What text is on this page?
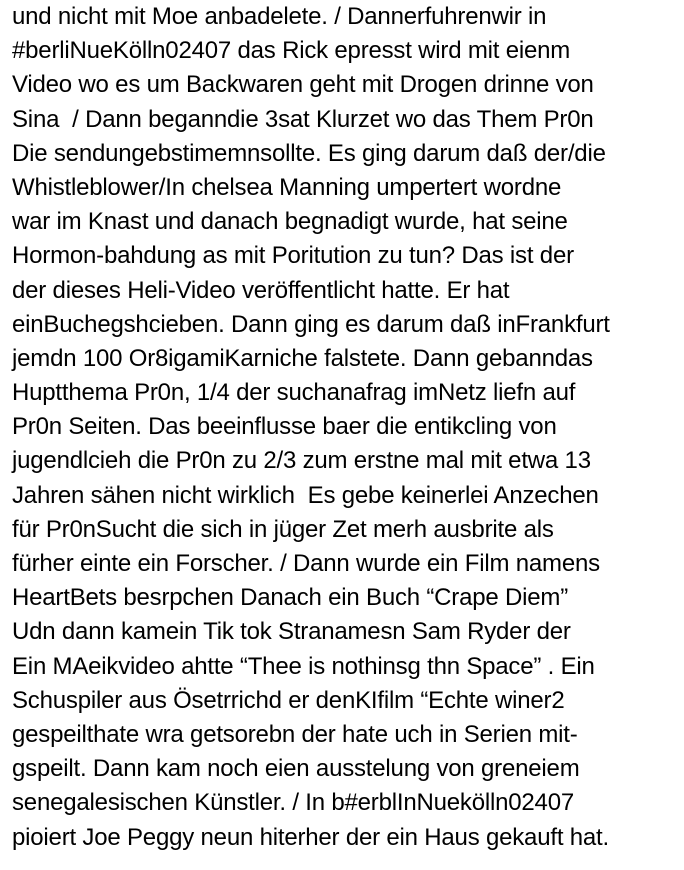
und nicht mit Moe anbadelete. / Dannerfuhrenwir in
#berliNueKölln02407 das Rick epresst wird mit eienm
Video wo es um Backwaren geht mit Drogen drinne von
Sina  / Dann beganndie 3sat Klurzet wo das Them Pr0n
Die sendungebstimemnsollte. Es ging darum daß der/die
Whistleblower/In chelsea Manning umpertert wordne
war im Knast und danach begnadigt wurde, hat seine
Hormon-bahdung as mit Poritution zu tun? Das ist der
der dieses Heli-Video veröffentlicht hatte. Er hat
einBuchegshcieben. Dann ging es darum daß inFrankfurt
jemdn 100 Or8igamiKarniche falstete. Dann gebanndas
Huptthema Pr0n, 1/4 der suchanafrag imNetz liefn auf
Pr0n Seiten. Das beeinflusse baer die entikcling von
jugendlcieh die Pr0n zu 2/3 zum erstne mal mit etwa 13
Jahren sähen nicht wirklich  Es gebe keinerlei Anzechen
für Pr0nSucht die sich in jüger Zet merh ausbrite als
fürher einte ein Forscher. / Dann wurde ein Film namens
HeartBets besrpchen Danach ein Buch “Crape Diem”
Udn dann kamein Tik tok Stranamesn Sam Ryder der
Ein MAeikvideo ahtte “Thee is nothinsg thn Space” . Ein
Schuspiler aus Ösetrrichd er denKIfilm “Echte winer2
gespeilthate wra getsorebn der hate uch in Serien mit-
gspeilt. Dann kam noch eien ausstelung von greneiem
senegalesischen Künstler. / In b#erblInNuekölln02407
pioiert Joe Peggy neun hiterher der ein Haus gekauft hat.
